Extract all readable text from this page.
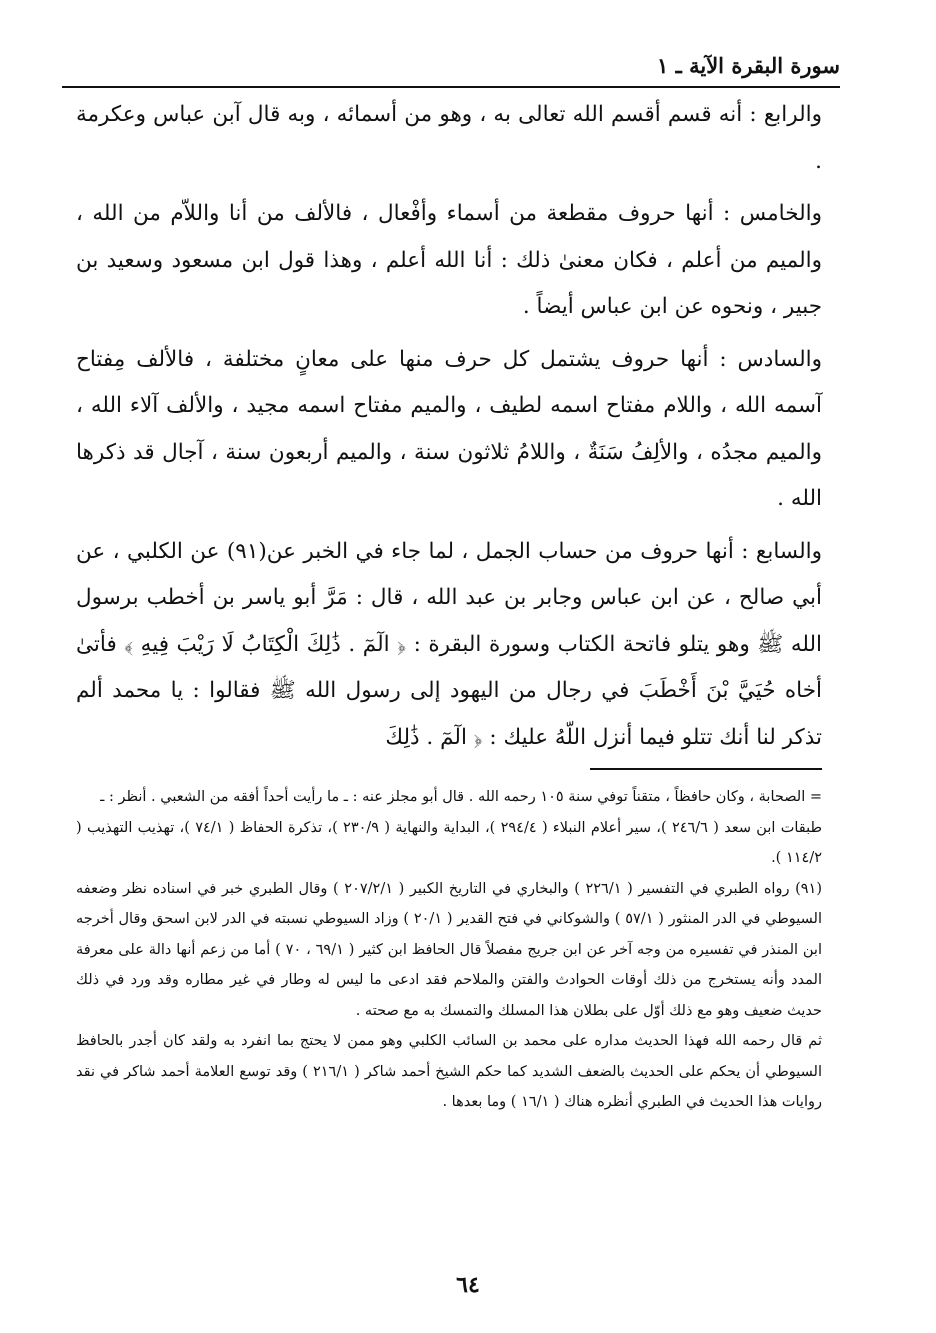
سورة البقرة الآية ـ ١

والرابع : أنه قسم أقسم الله تعالى به ، وهو من أسمائه ، وبه قال آبن عباس وعكرمة .

والخامس : أنها حروف مقطعة من أسماء وأفْعال ، فالألف من أنا واللاّم من الله ، والميم من أعلم ، فكان معنىٰ ذلك : أنا الله أعلم ، وهذا قول ابن مسعود وسعيد بن جبير ، ونحوه عن ابن عباس أيضاً .

والسادس : أنها حروف يشتمل كل حرف منها على معانٍ مختلفة ، فالألف مِفتاح آسمه الله ، واللام مفتاح اسمه لطيف ، والميم مفتاح اسمه مجيد ، والألف آلاء الله ، والميم مجدُه ، والألِفُ سَنَةٌ ، واللامُ ثلاثون سنة ، والميم أربعون سنة ، آجال قد ذكرها الله .

والسابع : أنها حروف من حساب الجمل ، لما جاء في الخبر عن(٩١) عن الكلبي ، عن أبي صالح ، عن ابن عباس وجابر بن عبد الله ، قال : مَرَّ أبو ياسر بن أخطب برسول الله ﷺ وهو يتلو فاتحة الكتاب وسورة البقرة : ﴿ الٓمٓ . ذَٰلِكَ الْكِتَابُ لَا رَيْبَ فِيهِ ﴾ فأتىٰ أخاه حُيَيَّ بْنَ أَخْطَبَ في رجال من اليهود إلى رسول الله ﷺ فقالوا : يا محمد ألم تذكر لنا أنك تتلو فيما أنزل اللّهُ عليك : ﴿ الٓمٓ . ذَٰلِكَ

= الصحابة ، وكان حافظاً ، متقناً توفي سنة ١٠٥ رحمه الله . قال أبو مجلز عنه : ـ ما رأيت أحداً أفقه من الشعبي . أنظر : ـ

طبقات ابن سعد ( ٢٤٦/٦ )، سير أعلام النبلاء ( ٢٩٤/٤ )، البداية والنهاية ( ٢٣٠/٩ )، تذكرة الحفاظ ( ٧٤/١ )، تهذيب التهذيب ( ١١٤/٢ ).

(٩١) رواه الطبري في التفسير ( ٢٢٦/١ ) والبخاري في التاريخ الكبير ( ٢٠٧/٢/١ ) وقال الطبري خبر في اسناده نظر وضعفه السيوطي في الدر المنثور ( ٥٧/١ ) والشوكاني في فتح القدير ( ٢٠/١ ) وزاد السيوطي نسبته في الدر لابن اسحق وقال أخرجه ابن المنذر في تفسيره من وجه آخر عن ابن جريج مفصلاً قال الحافظ ابن كثير ( ٦٩/١ ، ٧٠ ) أما من زعم أنها دالة على معرفة المدد وأنه يستخرج من ذلك أوقات الحوادث والفتن والملاحم فقد ادعى ما ليس له وطار في غير مطاره وقد ورد في ذلك حديث ضعيف وهو مع ذلك أوّل على بطلان هذا المسلك والتمسك به مع صحته .

ثم قال رحمه الله فهذا الحديث مداره على محمد بن السائب الكلبي وهو ممن لا يحتج بما انفرد به ولقد كان أجدر بالحافظ السيوطي أن يحكم على الحديث بالضعف الشديد كما حكم الشيخ أحمد شاكر ( ٢١٦/١ ) وقد توسع العلامة أحمد شاكر في نقد روايات هذا الحديث في الطبري أنظره هناك ( ١٦/١ ) وما بعدها .

٦٤
